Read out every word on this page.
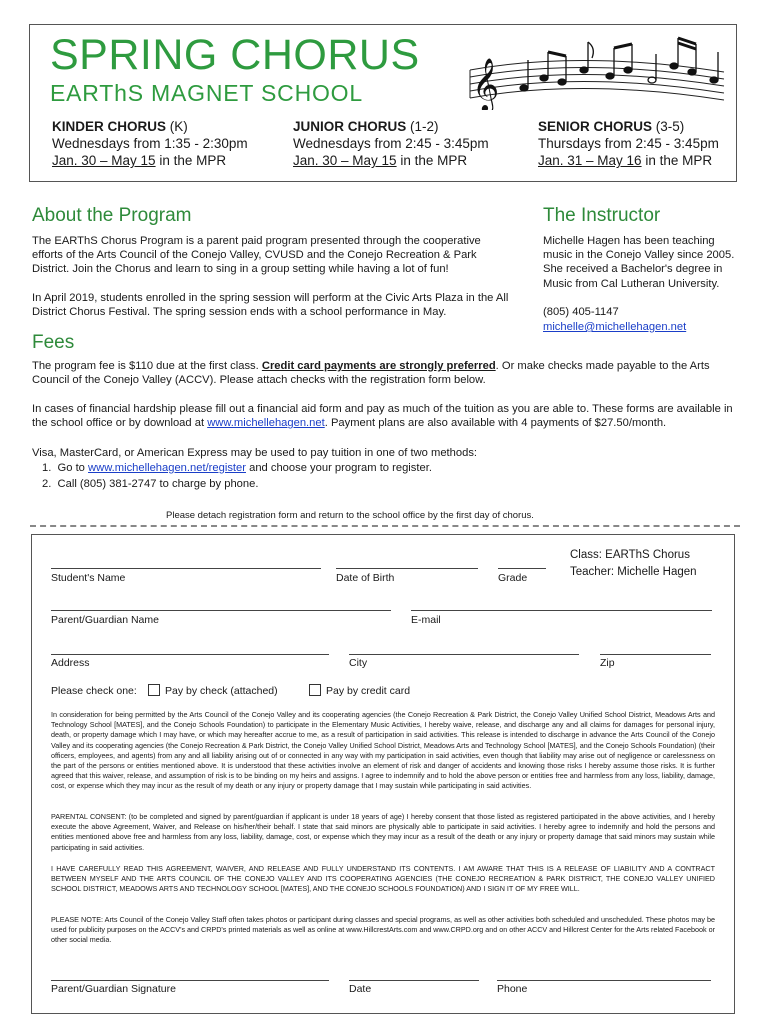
SPRING CHORUS
EARThS MAGNET SCHOOL 𝄞
KINDER CHORUS (K)
Wednesdays from 1:35 - 2:30pm
Jan. 30 – May 15 in the MPR
JUNIOR CHORUS (1-2)
Wednesdays from 2:45 - 3:45pm
Jan. 30 – May 15 in the MPR
SENIOR CHORUS (3-5)
Thursdays from 2:45 - 3:45pm
Jan. 31 – May 16 in the MPR
About the Program
The EARThS Chorus Program is a parent paid program presented through the cooperative efforts of the Arts Council of the Conejo Valley, CVUSD and the Conejo Recreation & Park District. Join the Chorus and learn to sing in a group setting while having a lot of fun!
In April 2019, students enrolled in the spring session will perform at the Civic Arts Plaza in the All District Chorus Festival. The spring session ends with a school performance in May.
The Instructor
Michelle Hagen has been teaching music in the Conejo Valley since 2005. She received a Bachelor's degree in Music from Cal Lutheran University.
(805) 405-1147
michelle@michellehagen.net
Fees
The program fee is $110 due at the first class. Credit card payments are strongly preferred. Or make checks made payable to the Arts Council of the Conejo Valley (ACCV). Please attach checks with the registration form below.
In cases of financial hardship please fill out a financial aid form and pay as much of the tuition as you are able to. These forms are available in the school office or by download at www.michellehagen.net. Payment plans are also available with 4 payments of $27.50/month.
Visa, MasterCard, or American Express may be used to pay tuition in one of two methods:
1.  Go to www.michellehagen.net/register and choose your program to register.
2.  Call (805) 381-2747 to charge by phone.
Please detach registration form and return to the school office by the first day of chorus.
Class: EARThS Chorus
Teacher: Michelle Hagen
Student's Name	Date of Birth	Grade
Parent/Guardian Name	E-mail
Address	City	Zip
Please check one:	Pay by check (attached)	Pay by credit card
In consideration for being permitted by the Arts Council of the Conejo Valley and its cooperating agencies (the Conejo Recreation & Park District, the Conejo Valley Unified School District, Meadows Arts and Technology School [MATES], and the Conejo Schools Foundation) to participate in the Elementary Music Activities, I hereby waive, release, and discharge any and all claims for damages for personal injury, death, or property damage which I may have, or which may hereafter accrue to me, as a result of participation in said activities. This release is intended to discharge in advance the Arts Council of the Conejo Valley and its cooperating agencies (the Conejo Recreation & Park District, the Conejo Valley Unified School District, Meadows Arts and Technology School [MATES], and the Conejo Schools Foundation) (their officers, employees, and agents) from any and all liability arising out of or connected in any way with my participation in said activities, even though that liability may arise out of negligence or carelessness on the part of the persons or entities mentioned above. It is understood that these activities involve an element of risk and danger of accidents and knowing those risks I hereby assume those risks. It is further agreed that this waiver, release, and assumption of risk is to be binding on my heirs and assigns. I agree to indemnify and to hold the above person or entities free and harmless from any loss, liability, damage, cost, or expense which they may incur as the result of my death or any injury or property damage that I may sustain while participating in said activities.
PARENTAL CONSENT: (to be completed and signed by parent/guardian if applicant is under 18 years of age) I hereby consent that those listed as registered participated in the above activities, and I hereby execute the above Agreement, Waiver, and Release on his/her/their behalf. I state that said minors are physically able to participate in said activities. I hereby agree to indemnify and hold the persons and entities mentioned above free and harmless from any loss, liability, damage, cost, or expense which they may incur as a result of the death or any injury or property damage that said minors may sustain while participating in said activities.
I HAVE CAREFULLY READ THIS AGREEMENT, WAIVER, AND RELEASE AND FULLY UNDERSTAND ITS CONTENTS. I AM AWARE THAT THIS IS A RELEASE OF LIABILITY AND A CONTRACT BETWEEN MYSELF AND THE ARTS COUNCIL OF THE CONEJO VALLEY AND ITS COOPERATING AGENCIES (THE CONEJO RECREATION & PARK DISTRICT, THE CONEJO VALLEY UNIFIED SCHOOL DISTRICT, MEADOWS ARTS AND TECHNOLOGY SCHOOL [MATES], AND THE CONEJO SCHOOLS FOUNDATION) AND I SIGN IT OF MY FREE WILL.
PLEASE NOTE: Arts Council of the Conejo Valley Staff often takes photos or participant during classes and special programs, as well as other activities both scheduled and unscheduled. These photos may be used for publicity purposes on the ACCV's and CRPD's printed materials as well as online at www.HillcrestArts.com and www.CRPD.org and on other ACCV and Hillcrest Center for the Arts related Facebook or other social media.
Parent/Guardian Signature	Date	Phone
